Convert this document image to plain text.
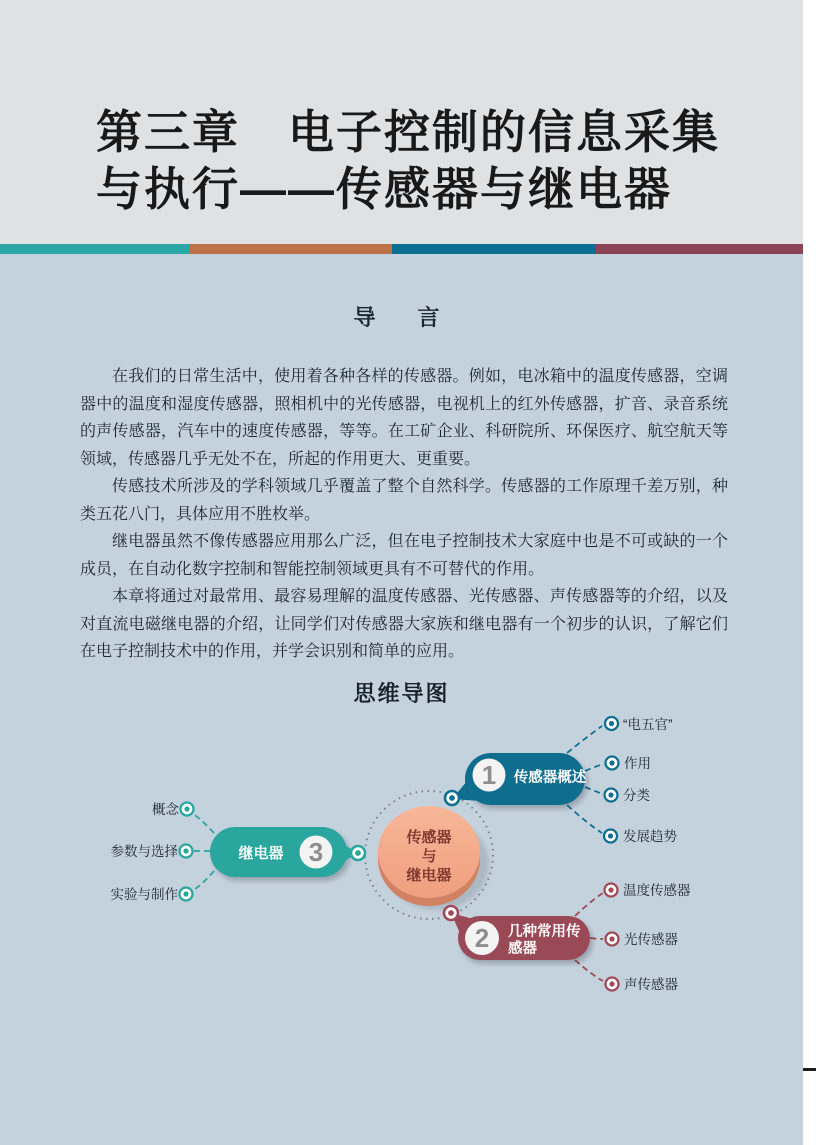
第三章　电子控制的信息采集
与执行——传感器与继电器
导　言

在我们的日常生活中，使用着各种各样的传感器。例如，电冰箱中的温度传感器，空调器中的温度和湿度传感器，照相机中的光传感器，电视机上的红外传感器，扩音、录音系统的声传感器，汽车中的速度传感器，等等。在工矿企业、科研院所、环保医疗、航空航天等领域，传感器几乎无处不在，所起的作用更大、更重要。

传感技术所涉及的学科领域几乎覆盖了整个自然科学。传感器的工作原理千差万别，种类五花八门，具体应用不胜枚举。

继电器虽然不像传感器应用那么广泛，但在电子控制技术大家庭中也是不可或缺的一个成员，在自动化数字控制和智能控制领域更具有不可替代的作用。

本章将通过对最常用、最容易理解的温度传感器、光传感器、声传感器等的介绍，以及对直流电磁继电器的介绍，让同学们对传感器大家族和继电器有一个初步的认识，了解它们在电子控制技术中的作用，并学会识别和简单的应用。

思维导图
传感器
与
继电器
1 传感器概述
“电五官”
作用
分类
发展趋势
2 几种常用传
感器
温度传感器
光传感器
声传感器
3
继电器
概念
参数与选择
实验与制作
